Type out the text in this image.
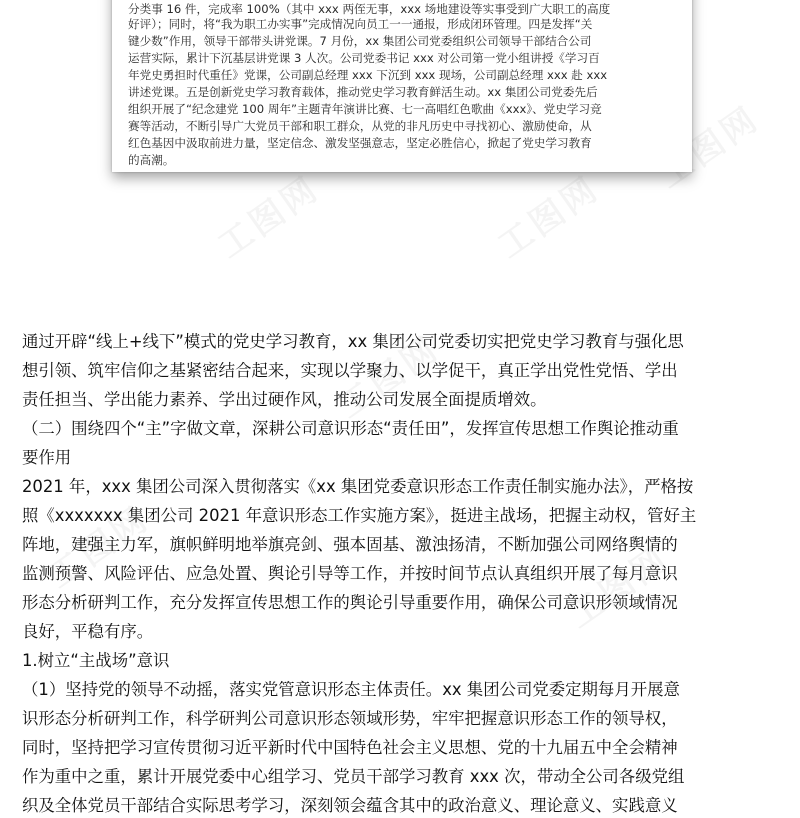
分类事 16 件，完成率 100%（其中 xxx 两侄无事，xxx 场地建设等实事受到广大职工的高度
好评）；同时，将“我为职工办实事”完成情况向员工一一通报，形成闭环管理。四是发挥“关
键少数”作用，领导干部带头讲党课。7 月份，xx 集团公司党委组织公司领导干部结合公司
运营实际，累计下沉基层讲党课 3 人次。公司党委书记 xxx 对公司第一党小组讲授《学习百
年党史勇担时代重任》党课，公司副总经理 xxx 下沉到 xxx 现场，公司副总经理 xxx 赴 xxx
讲述党课。五是创新党史学习教育载体，推动党史学习教育鲜活生动。xx 集团公司党委先后
组织开展了“纪念建党 100 周年”主题青年演讲比赛、七一高唱红色歌曲《xxx》、党史学习竞
赛等活动，不断引导广大党员干部和职工群众，从党的非凡历史中寻找初心、激励使命，从
红色基因中汲取前进力量，坚定信念、激发坚强意志，坚定必胜信心，掀起了党史学习教育
的高潮。
通过开辟“线上+线下”模式的党史学习教育，xx 集团公司党委切实把党史学习教育与强化思
想引领、筑牢信仰之基紧密结合起来，实现以学聚力、以学促干，真正学出党性党悟、学出
责任担当、学出能力素养、学出过硬作风，推动公司发展全面提质增效。
（二）围绕四个“主”字做文章，深耕公司意识形态“责任田”，发挥宣传思想工作舆论推动重
要作用
2021 年，xxx 集团公司深入贯彻落实《xx 集团党委意识形态工作责任制实施办法》，严格按
照《xxxxxxx 集团公司 2021 年意识形态工作实施方案》，挺进主战场，把握主动权，管好主
阵地，建强主力军，旗帜鲜明地举旗亮剑、强本固基、激浊扬清，不断加强公司网络舆情的
监测预警、风险评估、应急处置、舆论引导等工作，并按时间节点认真组织开展了每月意识
形态分析研判工作，充分发挥宣传思想工作的舆论引导重要作用，确保公司意识形领域情况
良好，平稳有序。
1.树立“主战场”意识
（1）坚持党的领导不动摇，落实党管意识形态主体责任。xx 集团公司党委定期每月开展意
识形态分析研判工作，科学研判公司意识形态领域形势，牢牢把握意识形态工作的领导权，
同时，坚持把学习宣传贯彻习近平新时代中国特色社会主义思想、党的十九届五中全会精神
作为重中之重，累计开展党委中心组学习、党员干部学习教育 xxx 次，带动全公司各级党组
织及全体党员干部结合实际思考学习，深刻领会蕴含其中的政治意义、理论意义、实践意义
